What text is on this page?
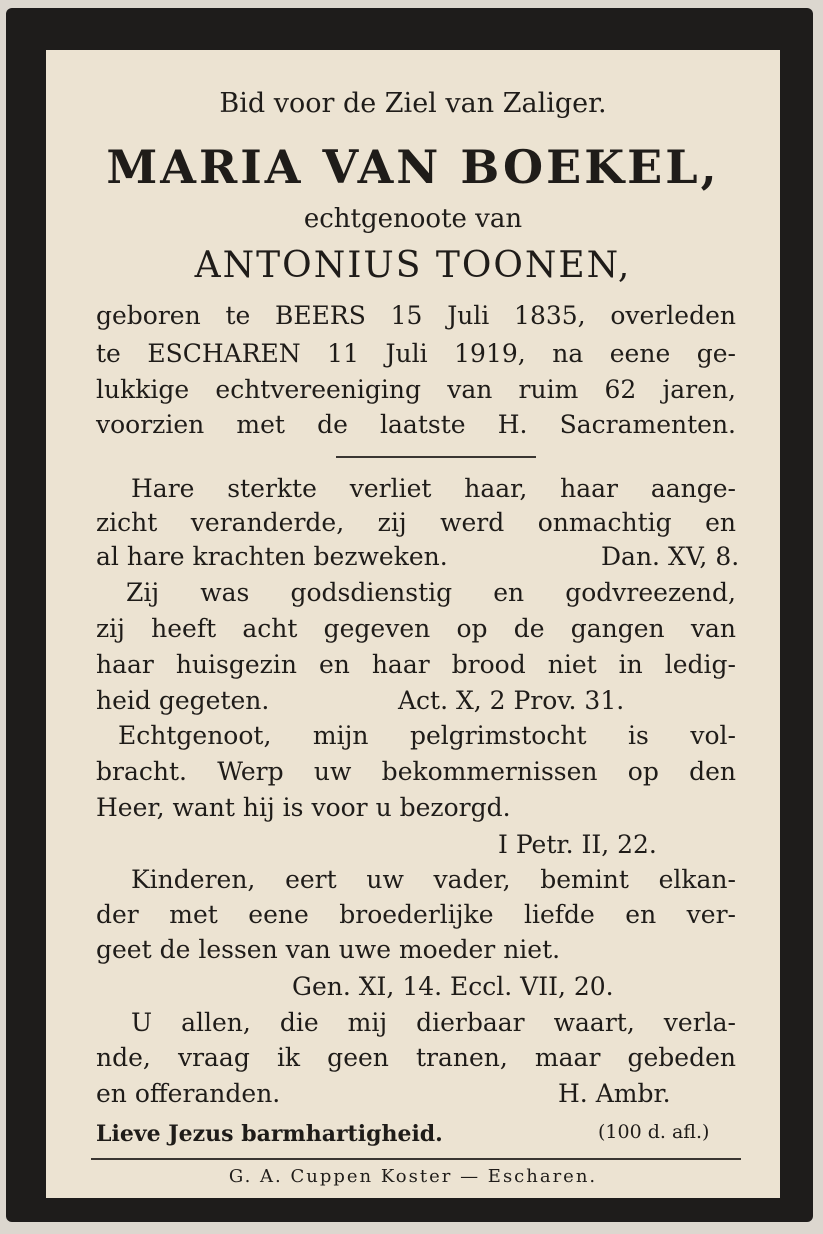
Bid voor de Ziel van Zaliger.
MARIA VAN BOEKEL,
echtgenoote van
ANTONIUS TOONEN,
geboren te BEERS 15 Juli 1835, overleden
te ESCHAREN 11 Juli 1919, na eene ge-
lukkige echtvereeniging van ruim 62 jaren,
voorzien met de laatste H. Sacramenten.
Hare sterkte verliet haar, haar aange-
zicht veranderde, zij werd onmachtig en
al hare krachten bezweken.	Dan. XV, 8.
Zij was godsdienstig en godvreezend,
zij heeft acht gegeven op de gangen van
haar huisgezin en haar brood niet in ledig-
heid gegeten.	Act. X, 2 Prov. 31.
Echtgenoot, mijn pelgrimstocht is vol-
bracht. Werp uw bekommernissen op den
Heer, want hij is voor u bezorgd.
I Petr. II, 22.
Kinderen, eert uw vader, bemint elkan-
der met eene broederlijke liefde en ver-
geet de lessen van uwe moeder niet.
Gen. XI, 14. Eccl. VII, 20.
U allen, die mij dierbaar waart, verla-
nde, vraag ik geen tranen, maar gebeden
en offeranden.	H. Ambr.
Lieve Jezus barmhartigheid.	(100 d. afl.)
G. A. Cuppen Koster — Escharen.
